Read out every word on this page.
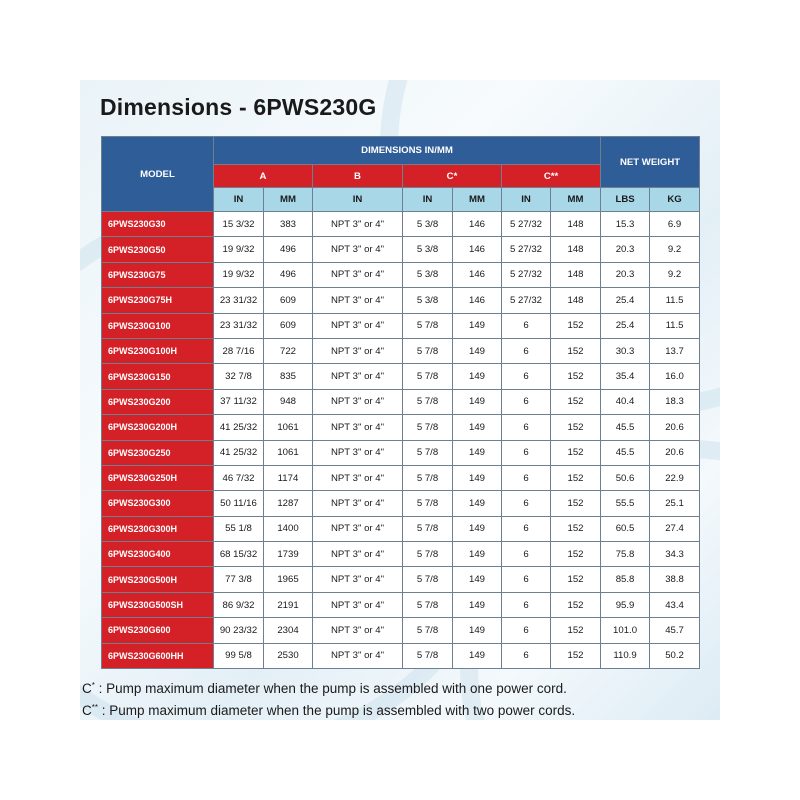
Dimensions - 6PWS230G
MODEL	DIMENSIONS IN/MM							NET WEIGHT	
	A		B	C*		C**			
	IN	MM	IN	IN	MM	IN	MM	LBS	KG
6PWS230G30	15 3/32	383	NPT 3" or 4"	5 3/8	146	5 27/32	148	15.3	6.9
6PWS230G50	19 9/32	496	NPT 3" or 4"	5 3/8	146	5 27/32	148	20.3	9.2
6PWS230G75	19 9/32	496	NPT 3" or 4"	5 3/8	146	5 27/32	148	20.3	9.2
6PWS230G75H	23 31/32	609	NPT 3" or 4"	5 3/8	146	5 27/32	148	25.4	11.5
6PWS230G100	23 31/32	609	NPT 3" or 4"	5 7/8	149	6	152	25.4	11.5
6PWS230G100H	28 7/16	722	NPT 3" or 4"	5 7/8	149	6	152	30.3	13.7
6PWS230G150	32 7/8	835	NPT 3" or 4"	5 7/8	149	6	152	35.4	16.0
6PWS230G200	37 11/32	948	NPT 3" or 4"	5 7/8	149	6	152	40.4	18.3
6PWS230G200H	41 25/32	1061	NPT 3" or 4"	5 7/8	149	6	152	45.5	20.6
6PWS230G250	41 25/32	1061	NPT 3" or 4"	5 7/8	149	6	152	45.5	20.6
6PWS230G250H	46 7/32	1174	NPT 3" or 4"	5 7/8	149	6	152	50.6	22.9
6PWS230G300	50 11/16	1287	NPT 3" or 4"	5 7/8	149	6	152	55.5	25.1
6PWS230G300H	55 1/8	1400	NPT 3" or 4"	5 7/8	149	6	152	60.5	27.4
6PWS230G400	68 15/32	1739	NPT 3" or 4"	5 7/8	149	6	152	75.8	34.3
6PWS230G500H	77 3/8	1965	NPT 3" or 4"	5 7/8	149	6	152	85.8	38.8
6PWS230G500SH	86 9/32	2191	NPT 3" or 4"	5 7/8	149	6	152	95.9	43.4
6PWS230G600	90 23/32	2304	NPT 3" or 4"	5 7/8	149	6	152	101.0	45.7
6PWS230G600HH	99 5/8	2530	NPT 3" or 4"	5 7/8	149	6	152	110.9	50.2
C* : Pump maximum diameter when the pump is assembled with one power cord.
C** : Pump maximum diameter when the pump is assembled with two power cords.
